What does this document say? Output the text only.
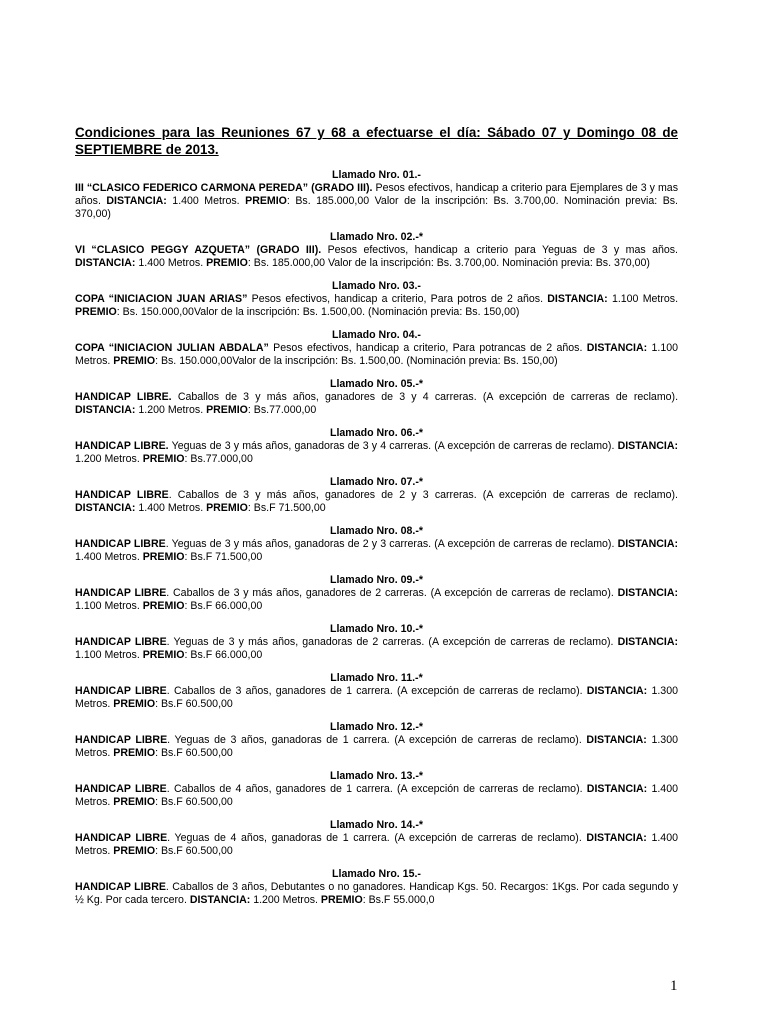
Condiciones para las Reuniones 67 y 68 a efectuarse el día: Sábado 07 y Domingo 08 de SEPTIEMBRE de 2013.
Llamado Nro. 01.-
III “CLASICO FEDERICO CARMONA PEREDA” (GRADO III). Pesos efectivos, handicap a criterio para Ejemplares de 3 y mas años. DISTANCIA: 1.400 Metros. PREMIO: Bs. 185.000,00 Valor de la inscripción: Bs. 3.700,00. Nominación previa: Bs. 370,00)
Llamado Nro. 02.-*
VI “CLASICO PEGGY AZQUETA” (GRADO III). Pesos efectivos, handicap a criterio para Yeguas de 3 y mas años. DISTANCIA: 1.400 Metros. PREMIO: Bs. 185.000,00 Valor de la inscripción: Bs. 3.700,00. Nominación previa: Bs. 370,00)
Llamado Nro. 03.-
COPA “INICIACION JUAN ARIAS” Pesos efectivos, handicap a criterio, Para potros de 2 años. DISTANCIA: 1.100 Metros. PREMIO: Bs. 150.000,00Valor de la inscripción: Bs. 1.500,00. (Nominación previa: Bs. 150,00)
Llamado Nro. 04.-
COPA “INICIACION JULIAN ABDALA” Pesos efectivos, handicap a criterio, Para potrancas de 2 años. DISTANCIA: 1.100 Metros. PREMIO: Bs. 150.000,00Valor de la inscripción: Bs. 1.500,00. (Nominación previa: Bs. 150,00)
Llamado Nro. 05.-*
HANDICAP LIBRE. Caballos de 3 y más años, ganadores de 3 y 4 carreras. (A excepción de carreras de reclamo). DISTANCIA: 1.200 Metros. PREMIO: Bs.77.000,00
Llamado Nro. 06.-*
HANDICAP LIBRE. Yeguas de 3 y más años, ganadoras de 3 y 4 carreras. (A excepción de carreras de reclamo). DISTANCIA: 1.200 Metros. PREMIO: Bs.77.000,00
Llamado Nro. 07.-*
HANDICAP LIBRE. Caballos de 3 y más años, ganadores de 2 y 3 carreras. (A excepción de carreras de reclamo). DISTANCIA: 1.400 Metros. PREMIO: Bs.F 71.500,00
Llamado Nro. 08.-*
HANDICAP LIBRE. Yeguas de 3 y más años, ganadoras de 2 y 3 carreras. (A excepción de carreras de reclamo). DISTANCIA: 1.400 Metros. PREMIO: Bs.F 71.500,00
Llamado Nro. 09.-*
HANDICAP LIBRE. Caballos de 3 y más años, ganadores de 2 carreras. (A excepción de carreras de reclamo). DISTANCIA: 1.100 Metros. PREMIO: Bs.F 66.000,00
Llamado Nro. 10.-*
HANDICAP LIBRE. Yeguas de 3 y más años, ganadoras de 2 carreras. (A excepción de carreras de reclamo). DISTANCIA: 1.100 Metros. PREMIO: Bs.F 66.000,00
Llamado Nro. 11.-*
HANDICAP LIBRE. Caballos de 3 años, ganadores de 1 carrera. (A excepción de carreras de reclamo). DISTANCIA: 1.300 Metros. PREMIO: Bs.F 60.500,00
Llamado Nro. 12.-*
HANDICAP LIBRE. Yeguas de 3 años, ganadoras de 1 carrera. (A excepción de carreras de reclamo). DISTANCIA: 1.300 Metros. PREMIO: Bs.F 60.500,00
Llamado Nro. 13.-*
HANDICAP LIBRE. Caballos de 4 años, ganadores de 1 carrera. (A excepción de carreras de reclamo). DISTANCIA: 1.400 Metros. PREMIO: Bs.F 60.500,00
Llamado Nro. 14.-*
HANDICAP LIBRE. Yeguas de 4 años, ganadoras de 1 carrera. (A excepción de carreras de reclamo). DISTANCIA: 1.400 Metros. PREMIO: Bs.F 60.500,00
Llamado Nro. 15.-
HANDICAP LIBRE. Caballos de 3 años, Debutantes o no ganadores. Handicap Kgs. 50. Recargos: 1Kgs. Por cada segundo y ½ Kg. Por cada tercero. DISTANCIA: 1.200 Metros. PREMIO: Bs.F 55.000,0
1
